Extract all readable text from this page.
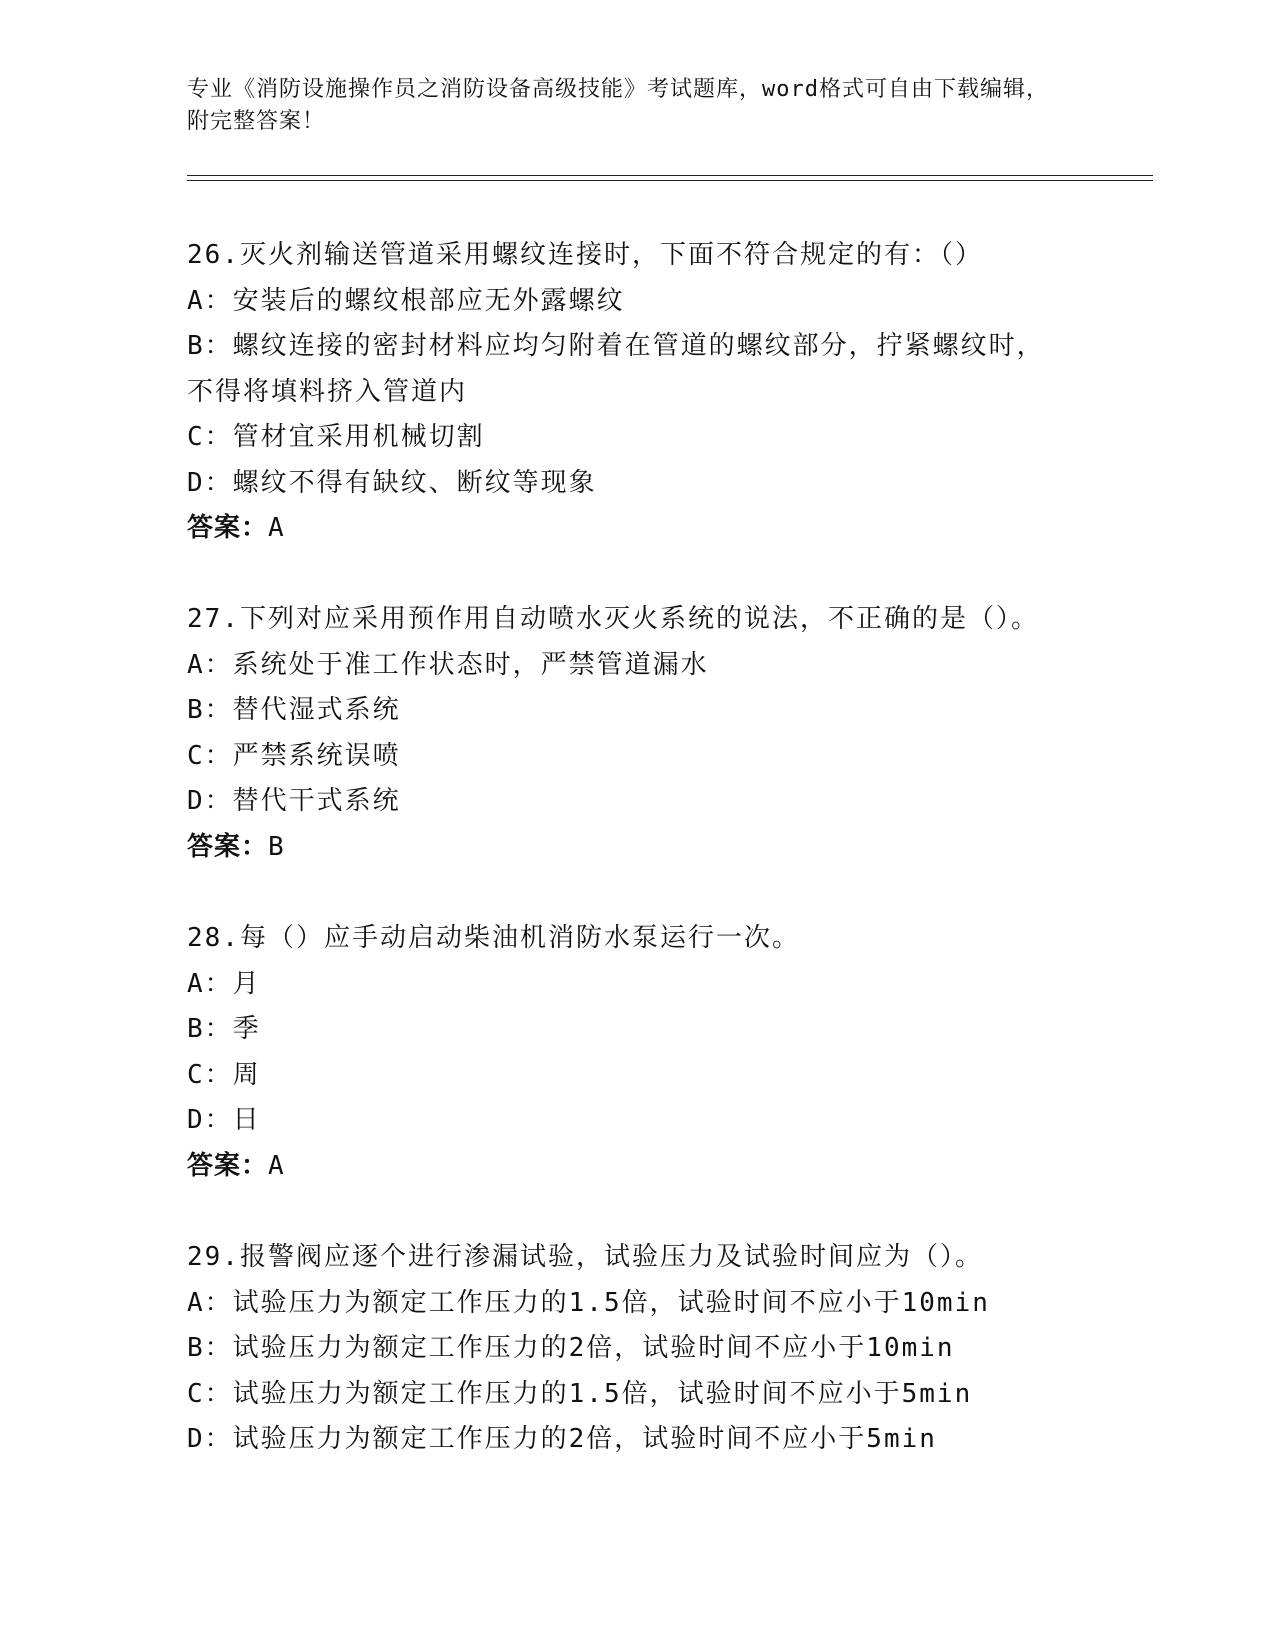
专业《消防设施操作员之消防设备高级技能》考试题库，word格式可自由下载编辑，附完整答案！
26.灭火剂输送管道采用螺纹连接时，下面不符合规定的有：（）
A：安装后的螺纹根部应无外露螺纹
B：螺纹连接的密封材料应均匀附着在管道的螺纹部分，拧紧螺纹时，
不得将填料挤入管道内
C：管材宜采用机械切割
D：螺纹不得有缺纹、断纹等现象
答案：A
27.下列对应采用预作用自动喷水灭火系统的说法，不正确的是（）。
A：系统处于准工作状态时，严禁管道漏水
B：替代湿式系统
C：严禁系统误喷
D：替代干式系统
答案：B
28.每（）应手动启动柴油机消防水泵运行一次。
A：月
B：季
C：周
D：日
答案：A
29.报警阀应逐个进行渗漏试验，试验压力及试验时间应为（）。
A：试验压力为额定工作压力的1.5倍，试验时间不应小于10min
B：试验压力为额定工作压力的2倍，试验时间不应小于10min
C：试验压力为额定工作压力的1.5倍，试验时间不应小于5min
D：试验压力为额定工作压力的2倍，试验时间不应小于5min
